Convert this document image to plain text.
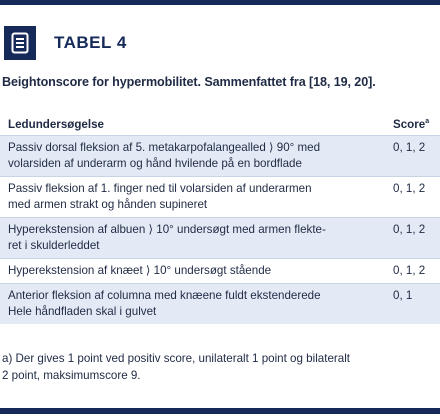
TABEL 4
Beightonscore for hypermobilitet. Sammenfattet fra [18, 19, 20].
Ledundersøgelse	Score$^a$

Passiv dorsal fleksion af 5. metakarpofalangealled ⟩ 90° med
volarsiden af underarm og hånd hvilende på en bordflade	0, 1, 2

Passiv fleksion af 1. finger ned til volarsiden af underarmen
med armen strakt og hånden supineret	0, 1, 2

Hyperekstension af albuen ⟩ 10° undersøgt med armen flekte-
ret i skulderleddet	0, 1, 2

Hyperekstension af knæet ⟩ 10° undersøgt stående	0, 1, 2

Anterior fleksion af columna med knæene fuldt ekstenderede
Hele håndfladen skal i gulvet	0, 1
a) Der gives 1 point ved positiv score, unilateralt 1 point og bilateralt
2 point, maksimumscore 9.
